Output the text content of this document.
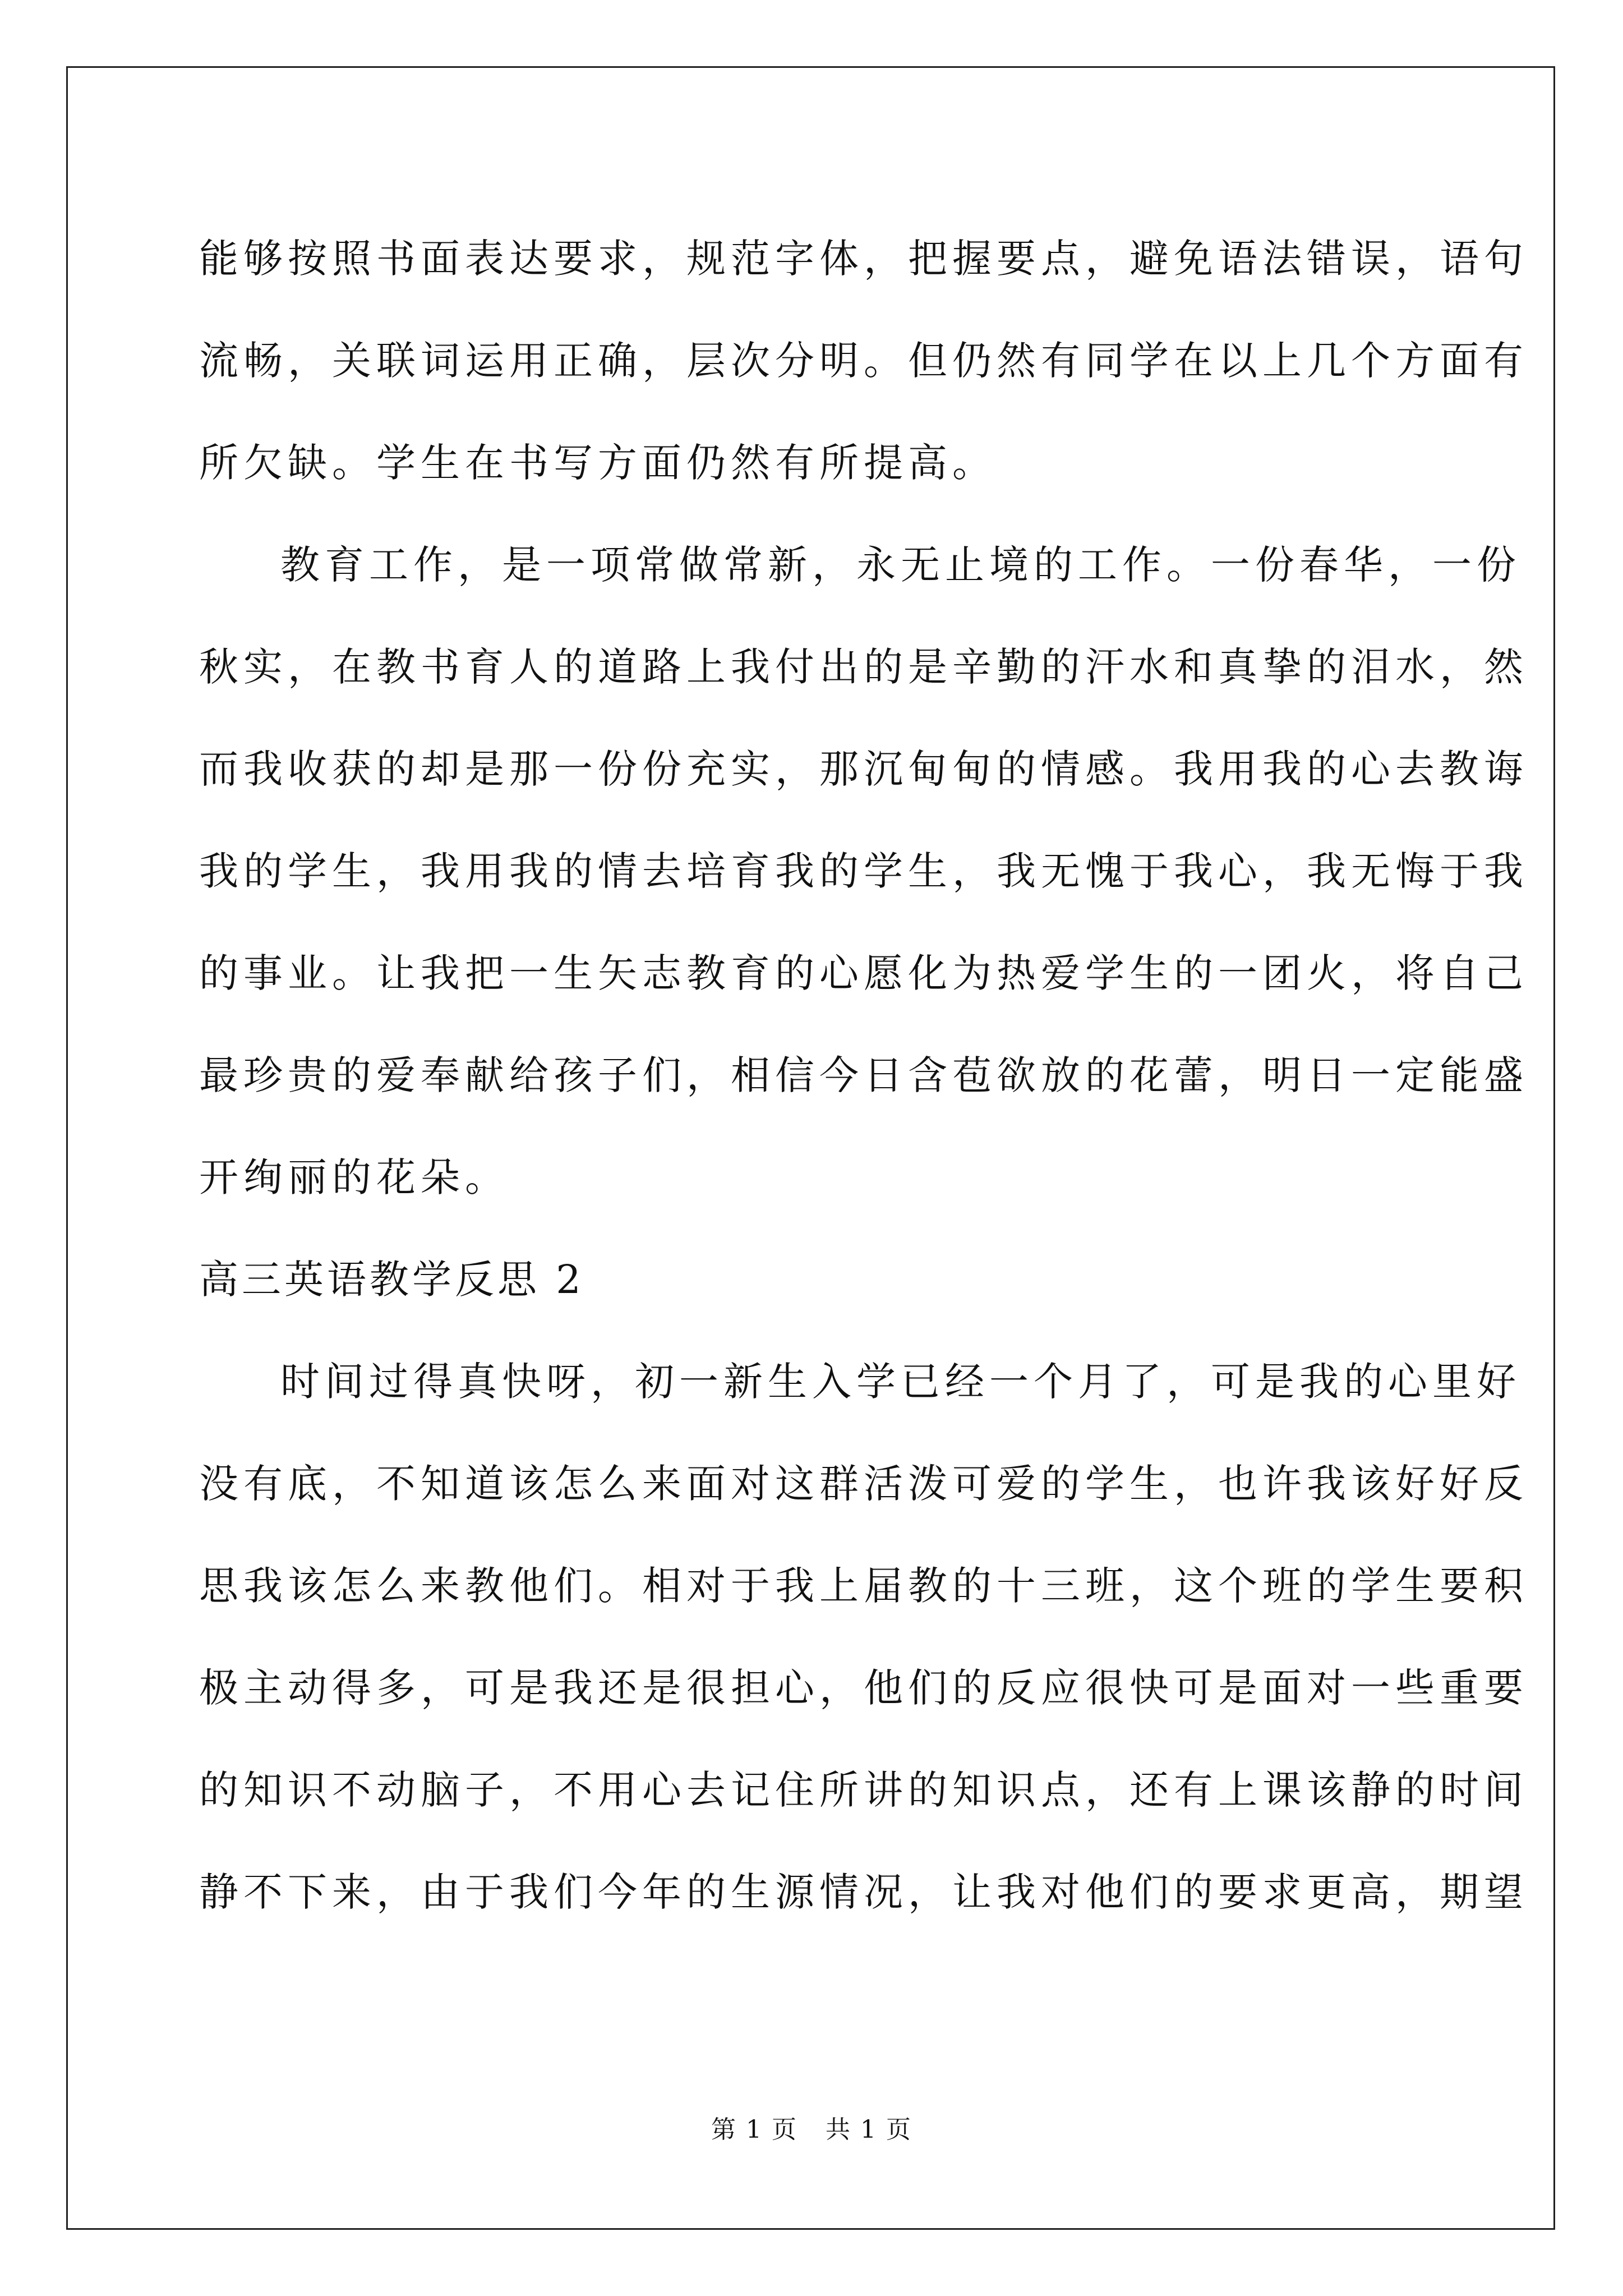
能够按照书面表达要求，规范字体，把握要点，避免语法错误，语句
流畅，关联词运用正确，层次分明。但仍然有同学在以上几个方面有
所欠缺。学生在书写方面仍然有所提高。
教育工作，是一项常做常新，永无止境的工作。一份春华，一份
秋实，在教书育人的道路上我付出的是辛勤的汗水和真挚的泪水，然
而我收获的却是那一份份充实，那沉甸甸的情感。我用我的心去教诲
我的学生，我用我的情去培育我的学生，我无愧于我心，我无悔于我
的事业。让我把一生矢志教育的心愿化为热爱学生的一团火，将自己
最珍贵的爱奉献给孩子们，相信今日含苞欲放的花蕾，明日一定能盛
开绚丽的花朵。
高三英语教学反思 2
时间过得真快呀，初一新生入学已经一个月了，可是我的心里好
没有底，不知道该怎么来面对这群活泼可爱的学生，也许我该好好反
思我该怎么来教他们。相对于我上届教的十三班，这个班的学生要积
极主动得多，可是我还是很担心，他们的反应很快可是面对一些重要
的知识不动脑子，不用心去记住所讲的知识点，还有上课该静的时间
静不下来，由于我们今年的生源情况，让我对他们的要求更高，期望
第 1 页 共 1 页
